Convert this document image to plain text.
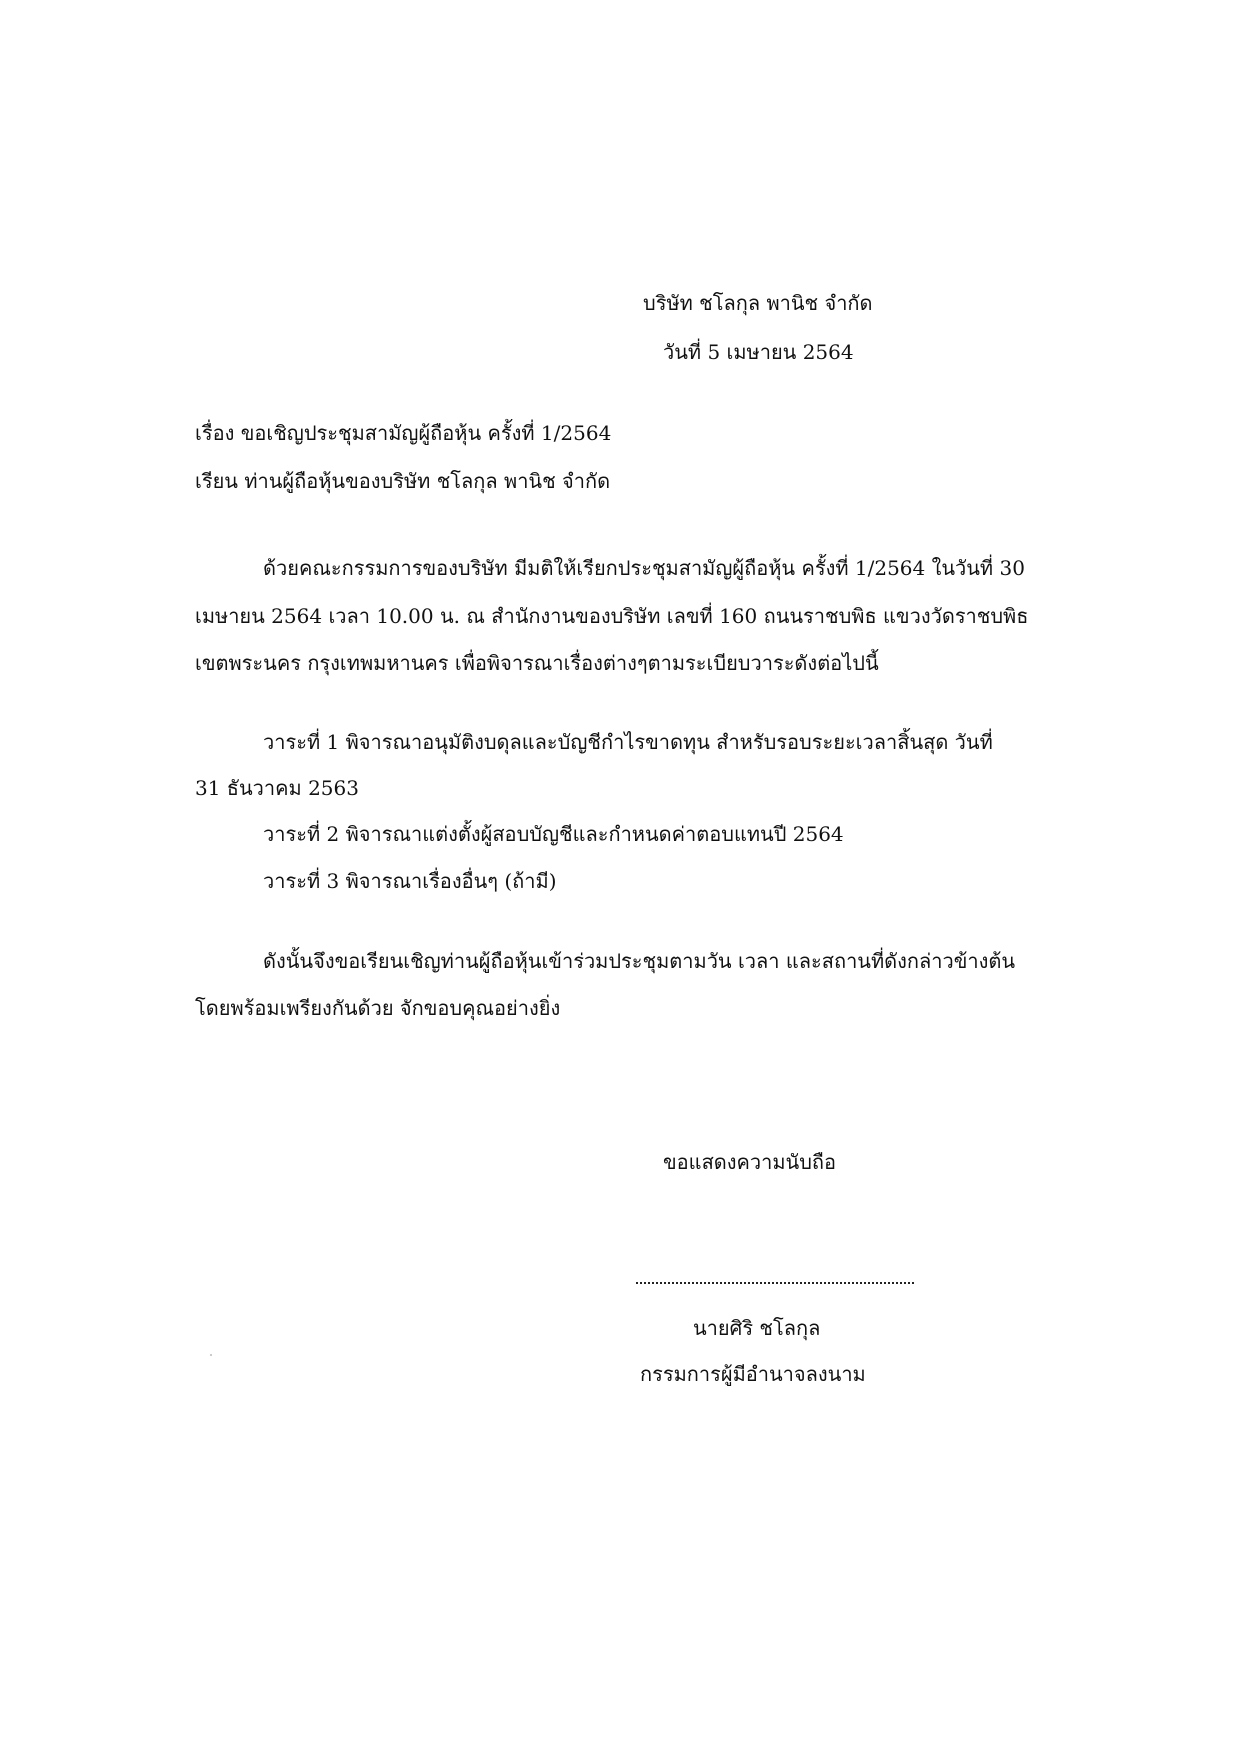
บริษัท ชโลกุล พานิช จำกัด
วันที่ 5 เมษายน 2564
เรื่อง ขอเชิญประชุมสามัญผู้ถือหุ้น ครั้งที่ 1/2564
เรียน ท่านผู้ถือหุ้นของบริษัท ชโลกุล พานิช จำกัด
ด้วยคณะกรรมการของบริษัท มีมติให้เรียกประชุมสามัญผู้ถือหุ้น ครั้งที่ 1/2564 ในวันที่ 30
เมษายน 2564 เวลา 10.00 น. ณ สำนักงานของบริษัท เลขที่ 160 ถนนราชบพิธ แขวงวัดราชบพิธ
เขตพระนคร กรุงเทพมหานคร เพื่อพิจารณาเรื่องต่างๆตามระเบียบวาระดังต่อไปนี้
วาระที่ 1 พิจารณาอนุมัติงบดุลและบัญชีกำไรขาดทุน สำหรับรอบระยะเวลาสิ้นสุด วันที่
31 ธันวาคม 2563
วาระที่ 2 พิจารณาแต่งตั้งผู้สอบบัญชีและกำหนดค่าตอบแทนปี 2564
วาระที่ 3 พิจารณาเรื่องอื่นๆ (ถ้ามี)
ดังนั้นจึงขอเรียนเชิญท่านผู้ถือหุ้นเข้าร่วมประชุมตามวัน เวลา และสถานที่ดังกล่าวข้างต้น
โดยพร้อมเพรียงกันด้วย จักขอบคุณอย่างยิ่ง
ขอแสดงความนับถือ
นายศิริ ชโลกุล
กรรมการผู้มีอำนาจลงนาม
